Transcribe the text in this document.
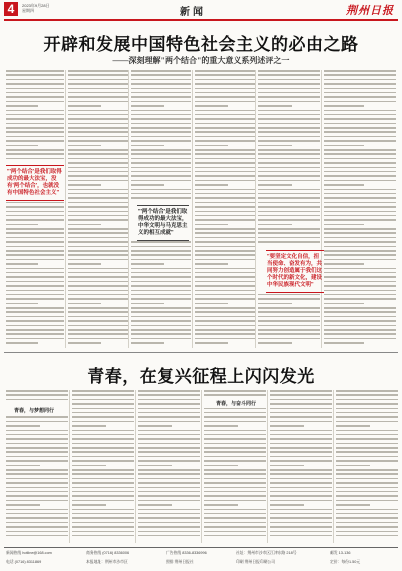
4	2023年9月28日
星期四	新闻	荆州日报
开辟和发展中国特色社会主义的必由之路
——深刻理解"两个结合"的重大意义系列述评之一
"'两个结合'是我们取得成功的最大法宝，没有'两个结合'，也就没有中国特色社会主义"
"'两个结合'是我们取得成功的最大法宝，中华文明与马克思主义的相互成就"
"要坚定文化自信，担当使命、奋发有为，共同努力创造属于我们这个时代的新文化，建设中华民族现代文明"
青春，在复兴征程上闪闪发光
青春，与梦想同行
青春，与奋斗同行
新闻热线 hotline@168.com	商务热线 (0716) 8336006	广告热线 8336-8336996	社址：荆州市沙市区江津东路 218号	邮发 13-136
电话 (0716) 8311869	本报地址：荆州市沙市区	照排 荆州日报社	印刷 荆州日报印刷公司	定价：每份1.50元
